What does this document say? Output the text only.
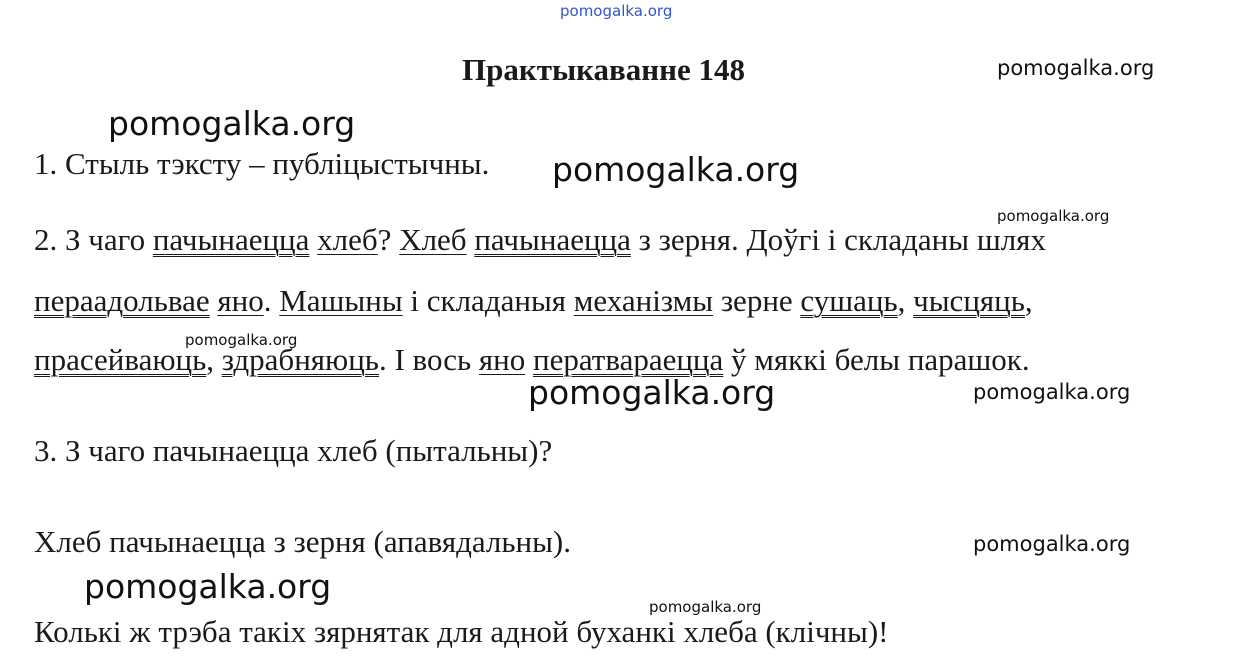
pomogalka.org
pomogalka.org
pomogalka.org
pomogalka.org
pomogalka.org
pomogalka.org
pomogalka.org	pomogalka.org
pomogalka.org
pomogalka.org
pomogalka.org
Практыкаванне 148
1. Стыль тэксту – публіцыстычны.
2. З чаго пачынаецца хлеб? Хлеб пачынаецца з зерня. Доўгі і складаны шлях
пераадольвае яно. Машыны і складаныя механізмы зерне сушаць, чысцяць,
прасейваюць, здрабняюць. І вось яно ператвараецца ў мяккі белы парашок.
3. З чаго пачынаецца хлеб (пытальны)?
Хлеб пачынаецца з зерня (апавядальны).
Колькі ж трэба такіх зярнятак для адной буханкі хлеба (клічны)!
